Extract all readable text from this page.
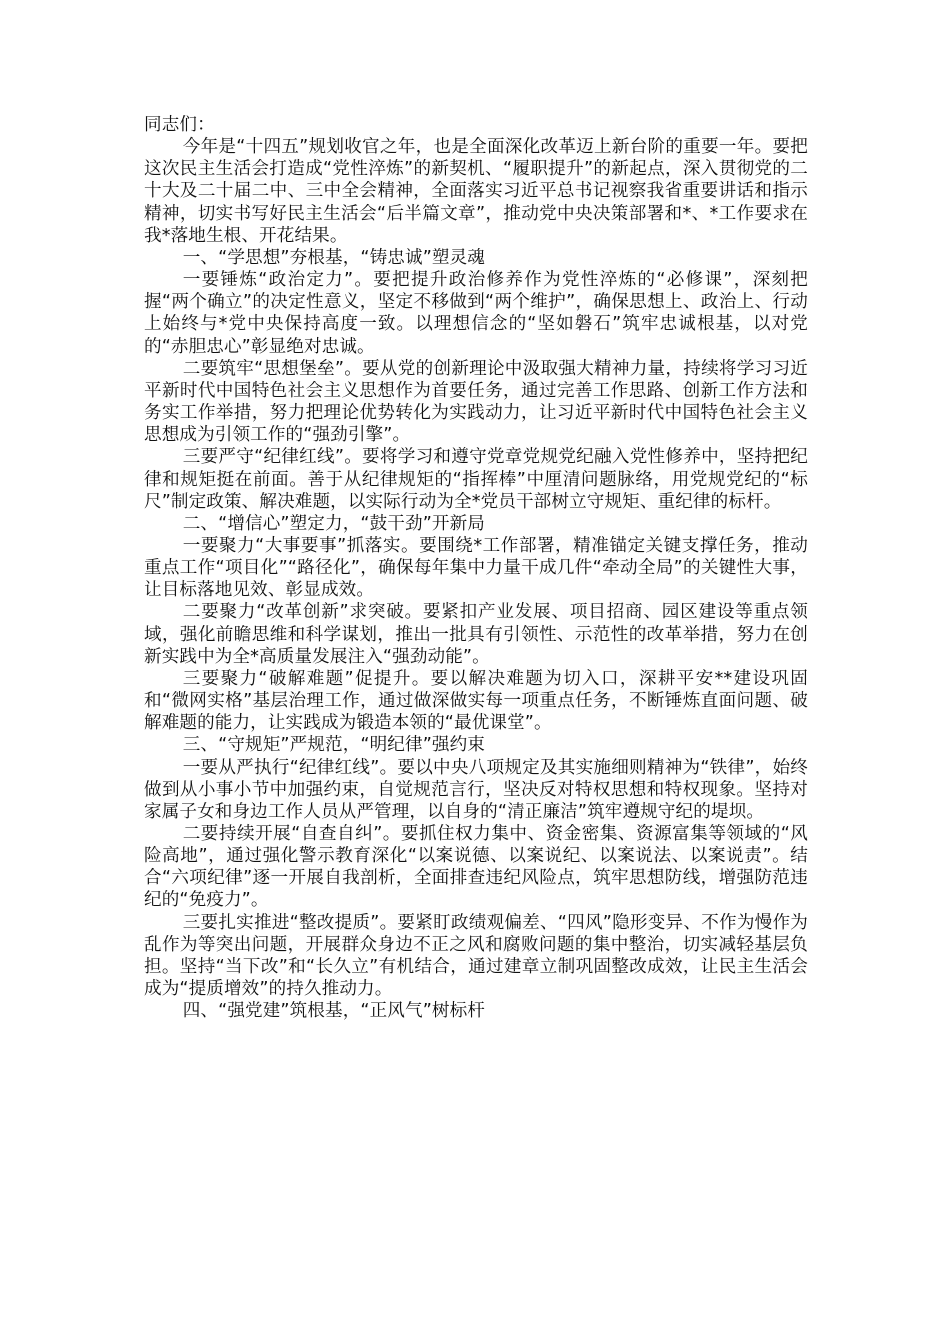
同志们：

今年是“十四五”规划收官之年，也是全面深化改革迈上新台阶的重要一年。要把这次民主生活会打造成“党性淬炼”的新契机、“履职提升”的新起点，深入贯彻党的二十大及二十届二中、三中全会精神，全面落实习近平总书记视察我省重要讲话和指示精神，切实书写好民主生活会“后半篇文章”，推动党中央决策部署和*、*工作要求在我*落地生根、开花结果。

一、“学思想”夯根基，“铸忠诚”塑灵魂

一要锤炼“政治定力”。要把提升政治修养作为党性淬炼的“必修课”，深刻把握“两个确立”的决定性意义，坚定不移做到“两个维护”，确保思想上、政治上、行动上始终与*党中央保持高度一致。以理想信念的“坚如磐石”筑牢忠诚根基，以对党的“赤胆忠心”彰显绝对忠诚。

二要筑牢“思想堡垒”。要从党的创新理论中汲取强大精神力量，持续将学习习近平新时代中国特色社会主义思想作为首要任务，通过完善工作思路、创新工作方法和务实工作举措，努力把理论优势转化为实践动力，让习近平新时代中国特色社会主义思想成为引领工作的“强劲引擎”。

三要严守“纪律红线”。要将学习和遵守党章党规党纪融入党性修养中，坚持把纪律和规矩挺在前面。善于从纪律规矩的“指挥棒”中厘清问题脉络，用党规党纪的“标尺”制定政策、解决难题，以实际行动为全*党员干部树立守规矩、重纪律的标杆。

二、“增信心”塑定力，“鼓干劲”开新局

一要聚力“大事要事”抓落实。要围绕*工作部署，精准锚定关键支撑任务，推动重点工作“项目化”“路径化”，确保每年集中力量干成几件“牵动全局”的关键性大事，让目标落地见效、彰显成效。

二要聚力“改革创新”求突破。要紧扣产业发展、项目招商、园区建设等重点领域，强化前瞻思维和科学谋划，推出一批具有引领性、示范性的改革举措，努力在创新实践中为全*高质量发展注入“强劲动能”。

三要聚力“破解难题”促提升。要以解决难题为切入口，深耕平安**建设巩固和“微网实格”基层治理工作，通过做深做实每一项重点任务，不断锤炼直面问题、破解难题的能力，让实践成为锻造本领的“最优课堂”。

三、“守规矩”严规范，“明纪律”强约束

一要从严执行“纪律红线”。要以中央八项规定及其实施细则精神为“铁律”，始终做到从小事小节中加强约束，自觉规范言行，坚决反对特权思想和特权现象。坚持对家属子女和身边工作人员从严管理，以自身的“清正廉洁”筑牢遵规守纪的堤坝。

二要持续开展“自查自纠”。要抓住权力集中、资金密集、资源富集等领域的“风险高地”，通过强化警示教育深化“以案说德、以案说纪、以案说法、以案说责”。结合“六项纪律”逐一开展自我剖析，全面排查违纪风险点，筑牢思想防线，增强防范违纪的“免疫力”。

三要扎实推进“整改提质”。要紧盯政绩观偏差、“四风”隐形变异、不作为慢作为乱作为等突出问题，开展群众身边不正之风和腐败问题的集中整治，切实减轻基层负担。坚持“当下改”和“长久立”有机结合，通过建章立制巩固整改成效，让民主生活会成为“提质增效”的持久推动力。

四、“强党建”筑根基，“正风气”树标杆
